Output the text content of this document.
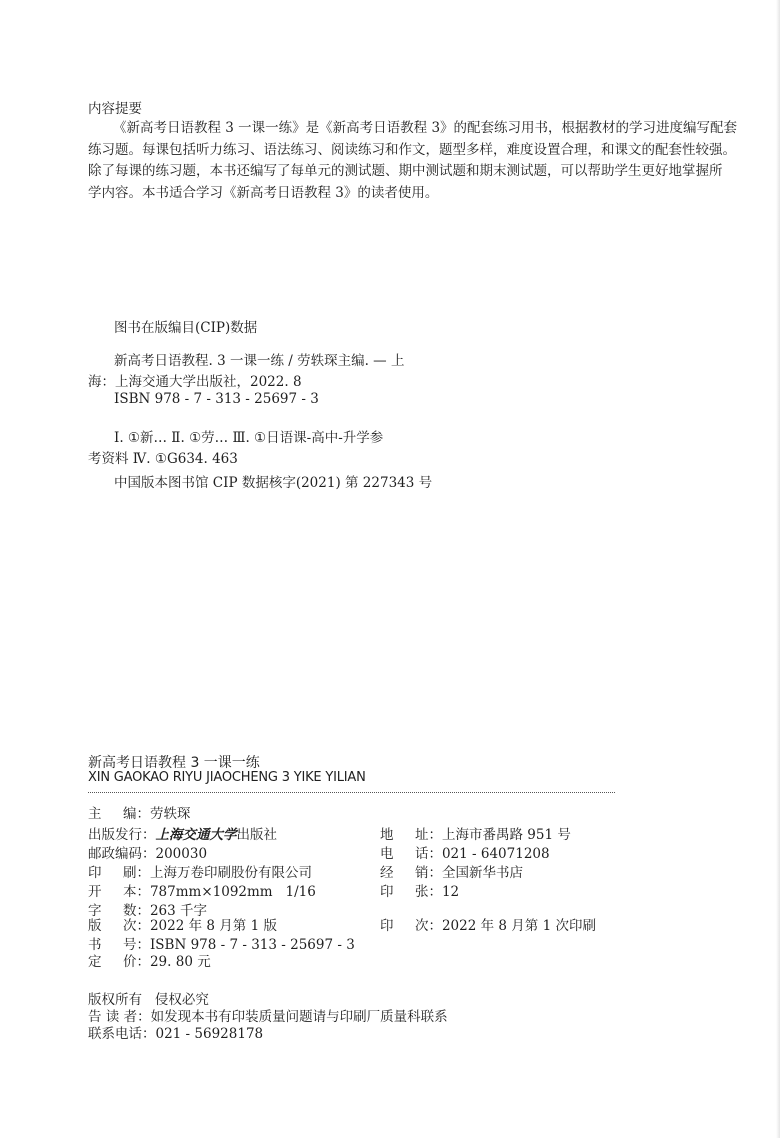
内容提要
《新高考日语教程 3 一课一练》是《新高考日语教程 3》的配套练习用书，根据教材的学习进度编写配套
练习题。每课包括听力练习、语法练习、阅读练习和作文，题型多样，难度设置合理，和课文的配套性较强。
除了每课的练习题，本书还编写了每单元的测试题、期中测试题和期末测试题，可以帮助学生更好地掌握所
学内容。本书适合学习《新高考日语教程 3》的读者使用。
图书在版编目(CIP)数据
新高考日语教程. 3 一课一练 / 劳轶琛主编. — 上
海：上海交通大学出版社，2022. 8
ISBN 978 - 7 - 313 - 25697 - 3
Ⅰ. ①新… Ⅱ. ①劳… Ⅲ. ①日语课-高中-升学参
考资料 Ⅳ. ①G634. 463
中国版本图书馆 CIP 数据核字(2021) 第 227343 号
新高考日语教程 3 一课一练
XIN GAOKAO RIYU JIAOCHENG 3 YIKE YILIAN
主     编：劳轶琛
出版发行：上海交通大学出版社
邮政编码：200030
印     刷：上海万卷印刷股份有限公司
开     本：787mm×1092mm   1/16
字     数：263 千字
版     次：2022 年 8 月第 1 版
书     号：ISBN 978 - 7 - 313 - 25697 - 3
定     价：29. 80 元
地     址：上海市番禺路 951 号
电     话：021 - 64071208
经     销：全国新华书店
印     张：12
印     次：2022 年 8 月第 1 次印刷
版权所有   侵权必究
告 读 者：如发现本书有印装质量问题请与印刷厂质量科联系
联系电话：021 - 56928178
